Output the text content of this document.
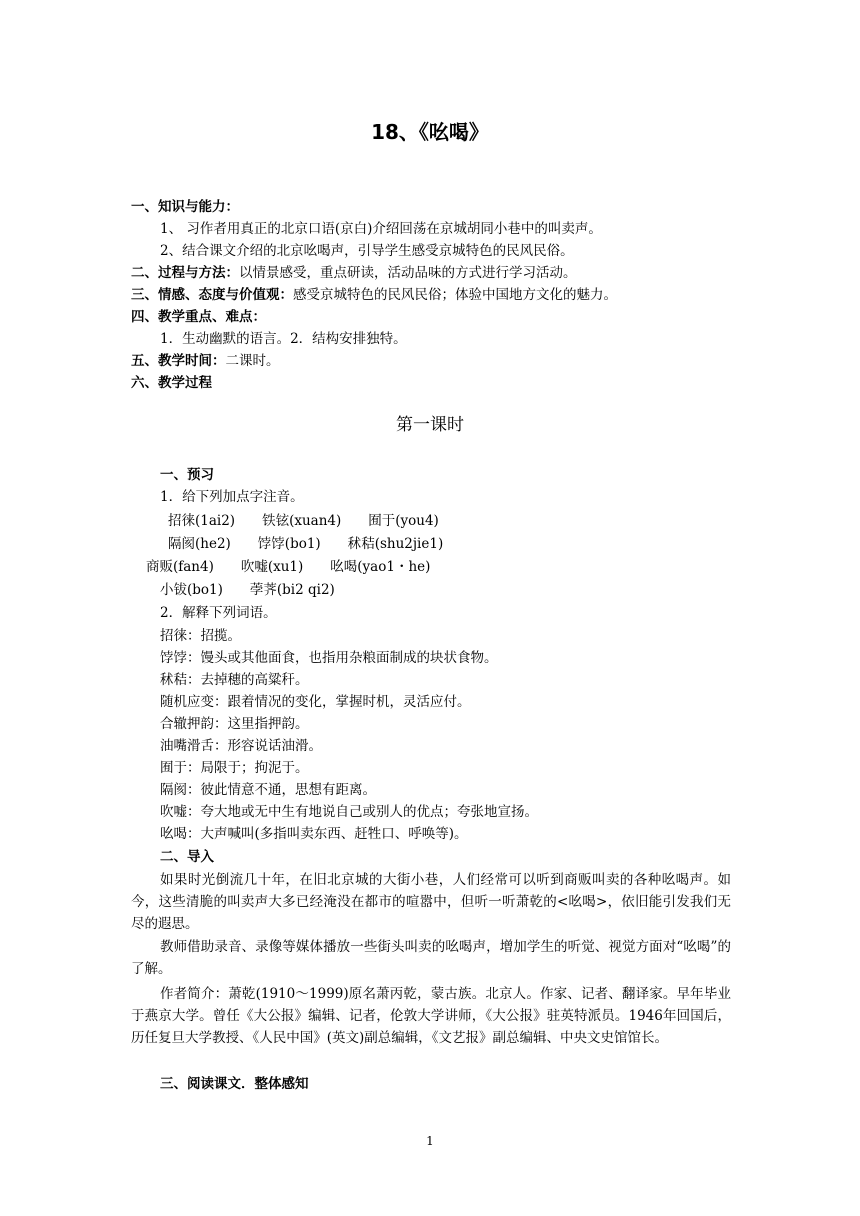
18、《吆喝》
一、知识与能力：
1、 习作者用真正的北京口语(京白)介绍回荡在京城胡同小巷中的叫卖声。
2、结合课文介绍的北京吆喝声，引导学生感受京城特色的民风民俗。
二、过程与方法：以情景感受，重点研读，活动品味的方式进行学习活动。
三、情感、态度与价值观：感受京城特色的民风民俗；体验中国地方文化的魅力。
四、教学重点、难点：
1．生动幽默的语言。2．结构安排独特。
五、教学时间：二课时。
六、教学过程
第一课时
一、预习
1．给下列加点字注音。
招徕(1ai2)　　铁铉(xuan4)　　囿于(you4)
隔阂(he2)　　饽饽(bo1)　　秫秸(shu2jie1)
商贩(fan4)　　吹嘘(xu1)　　吆喝(yao1・he)
小钹(bo1)　　荸荠(bi2 qi2)
2．解释下列词语。
招徕：招揽。
饽饽：馒头或其他面食，也指用杂粮面制成的块状食物。
秫秸：去掉穗的高粱秆。
随机应变：跟着情况的变化，掌握时机，灵活应付。
合辙押韵：这里指押韵。
油嘴滑舌：形容说话油滑。
囿于：局限于；拘泥于。
隔阂：彼此情意不通，思想有距离。
吹嘘：夸大地或无中生有地说自己或别人的优点；夸张地宣扬。
吆喝：大声喊叫(多指叫卖东西、赶牲口、呼唤等)。
二、导入
如果时光倒流几十年，在旧北京城的大街小巷，人们经常可以听到商贩叫卖的各种吆喝声。如今，这些清脆的叫卖声大多已经淹没在都市的喧嚣中，但听一听萧乾的<吆喝>，依旧能引发我们无尽的遐思。
教师借助录音、录像等媒体播放一些街头叫卖的吆喝声，增加学生的听觉、视觉方面对“吆喝”的了解。
作者简介：萧乾(1910～1999)原名萧丙乾，蒙古族。北京人。作家、记者、翻译家。早年毕业于燕京大学。曾任《大公报》编辑、记者，伦敦大学讲师，《大公报》驻英特派员。1946年回国后，历任复旦大学教授、《人民中国》(英文)副总编辑，《文艺报》副总编辑、中央文史馆馆长。
三、阅读课文．整体感知
1
